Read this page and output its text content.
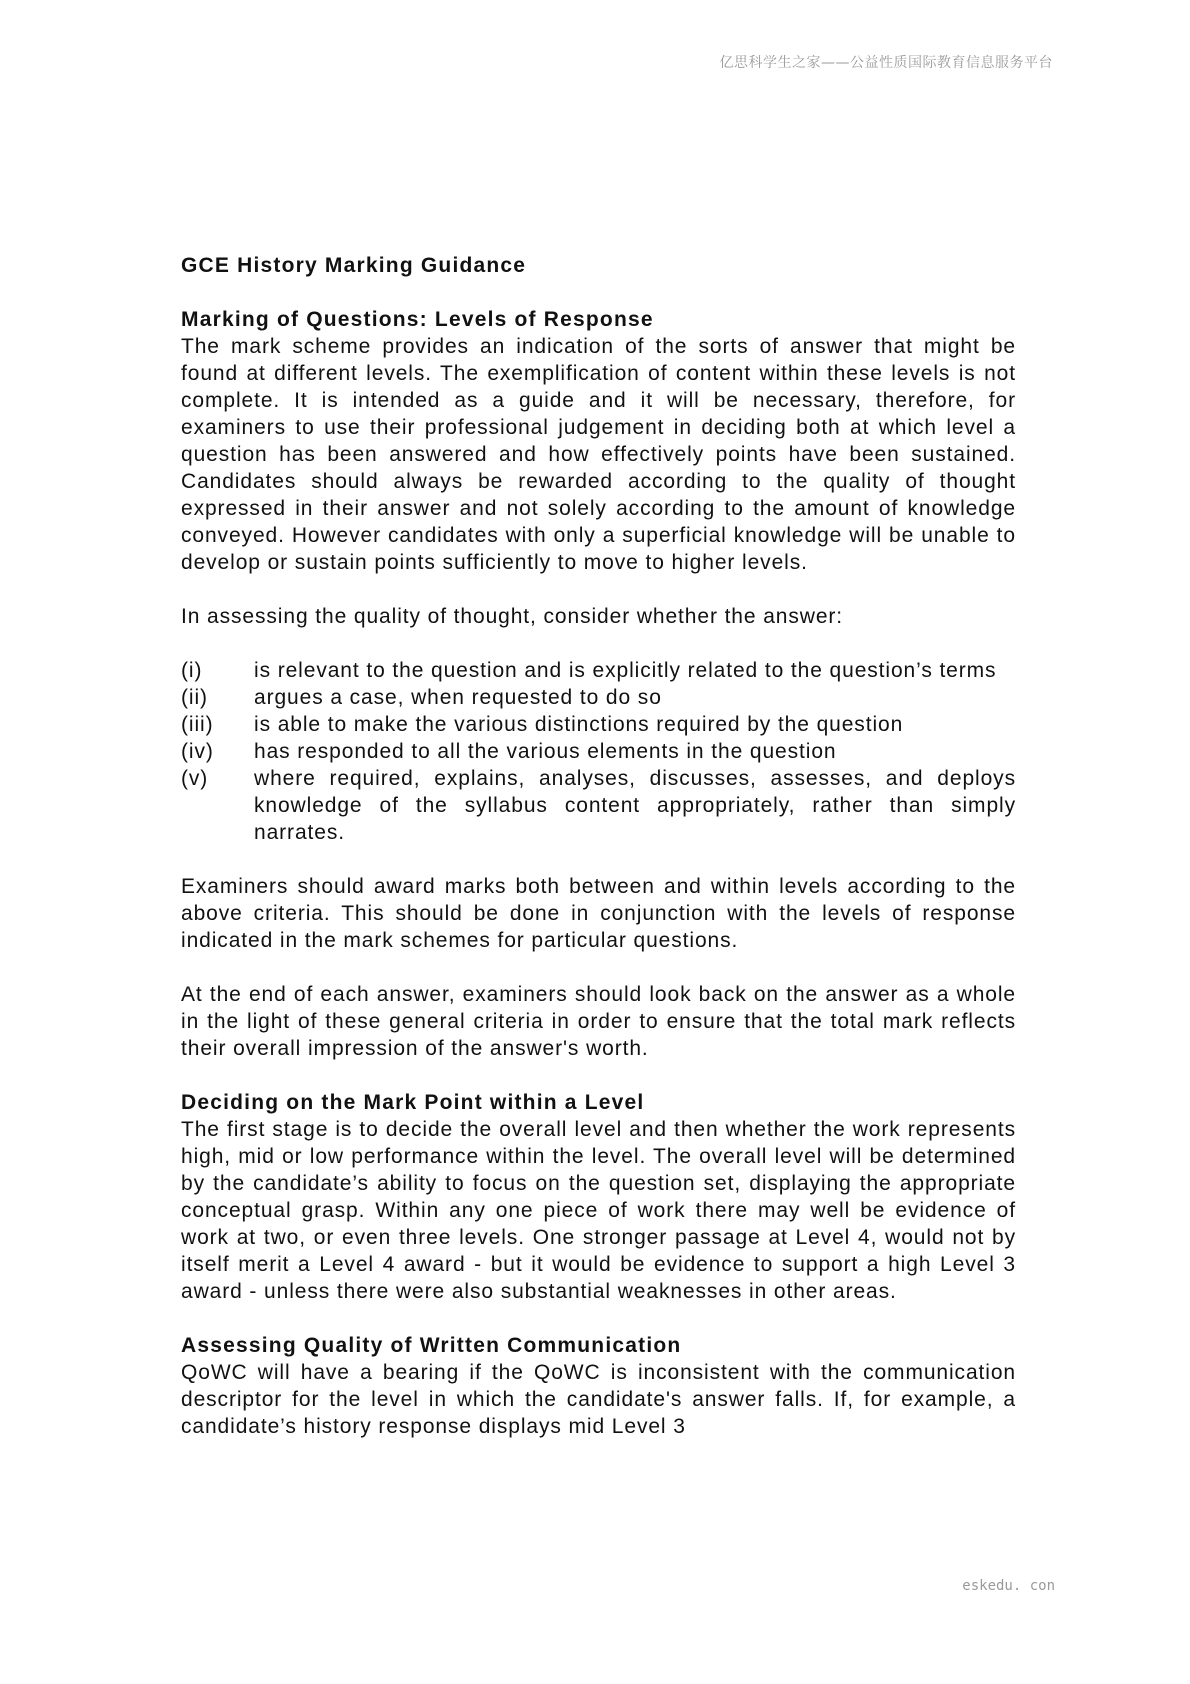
亿思科学生之家——公益性质国际教育信息服务平台

GCE History Marking Guidance

Marking of Questions: Levels of Response

The mark scheme provides an indication of the sorts of answer that might be found at different levels. The exemplification of content within these levels is not complete. It is intended as a guide and it will be necessary, therefore, for examiners to use their professional judgement in deciding both at which level a question has been answered and how effectively points have been sustained. Candidates should always be rewarded according to the quality of thought expressed in their answer and not solely according to the amount of knowledge conveyed. However candidates with only a superficial knowledge will be unable to develop or sustain points sufficiently to move to higher levels.

In assessing the quality of thought, consider whether the answer:

(i)	is relevant to the question and is explicitly related to the question’s terms
(ii)	argues a case, when requested to do so
(iii)	is able to make the various distinctions required by the question
(iv)	has responded to all the various elements in the question
(v)	where required, explains, analyses, discusses, assesses, and deploys knowledge of the syllabus content appropriately, rather than simply narrates.

Examiners should award marks both between and within levels according to the above criteria. This should be done in conjunction with the levels of response indicated in the mark schemes for particular questions.

At the end of each answer, examiners should look back on the answer as a whole in the light of these general criteria in order to ensure that the total mark reflects their overall impression of the answer's worth.

Deciding on the Mark Point within a Level

The first stage is to decide the overall level and then whether the work represents high, mid or low performance within the level. The overall level will be determined by the candidate’s ability to focus on the question set, displaying the appropriate conceptual grasp. Within any one piece of work there may well be evidence of work at two, or even three levels. One stronger passage at Level 4, would not by itself merit a Level 4 award - but it would be evidence to support a high Level 3 award - unless there were also substantial weaknesses in other areas.

Assessing Quality of Written Communication

QoWC will have a bearing if the QoWC is inconsistent with the communication descriptor for the level in which the candidate's answer falls. If, for example, a candidate’s history response displays mid Level 3

eskedu. con
